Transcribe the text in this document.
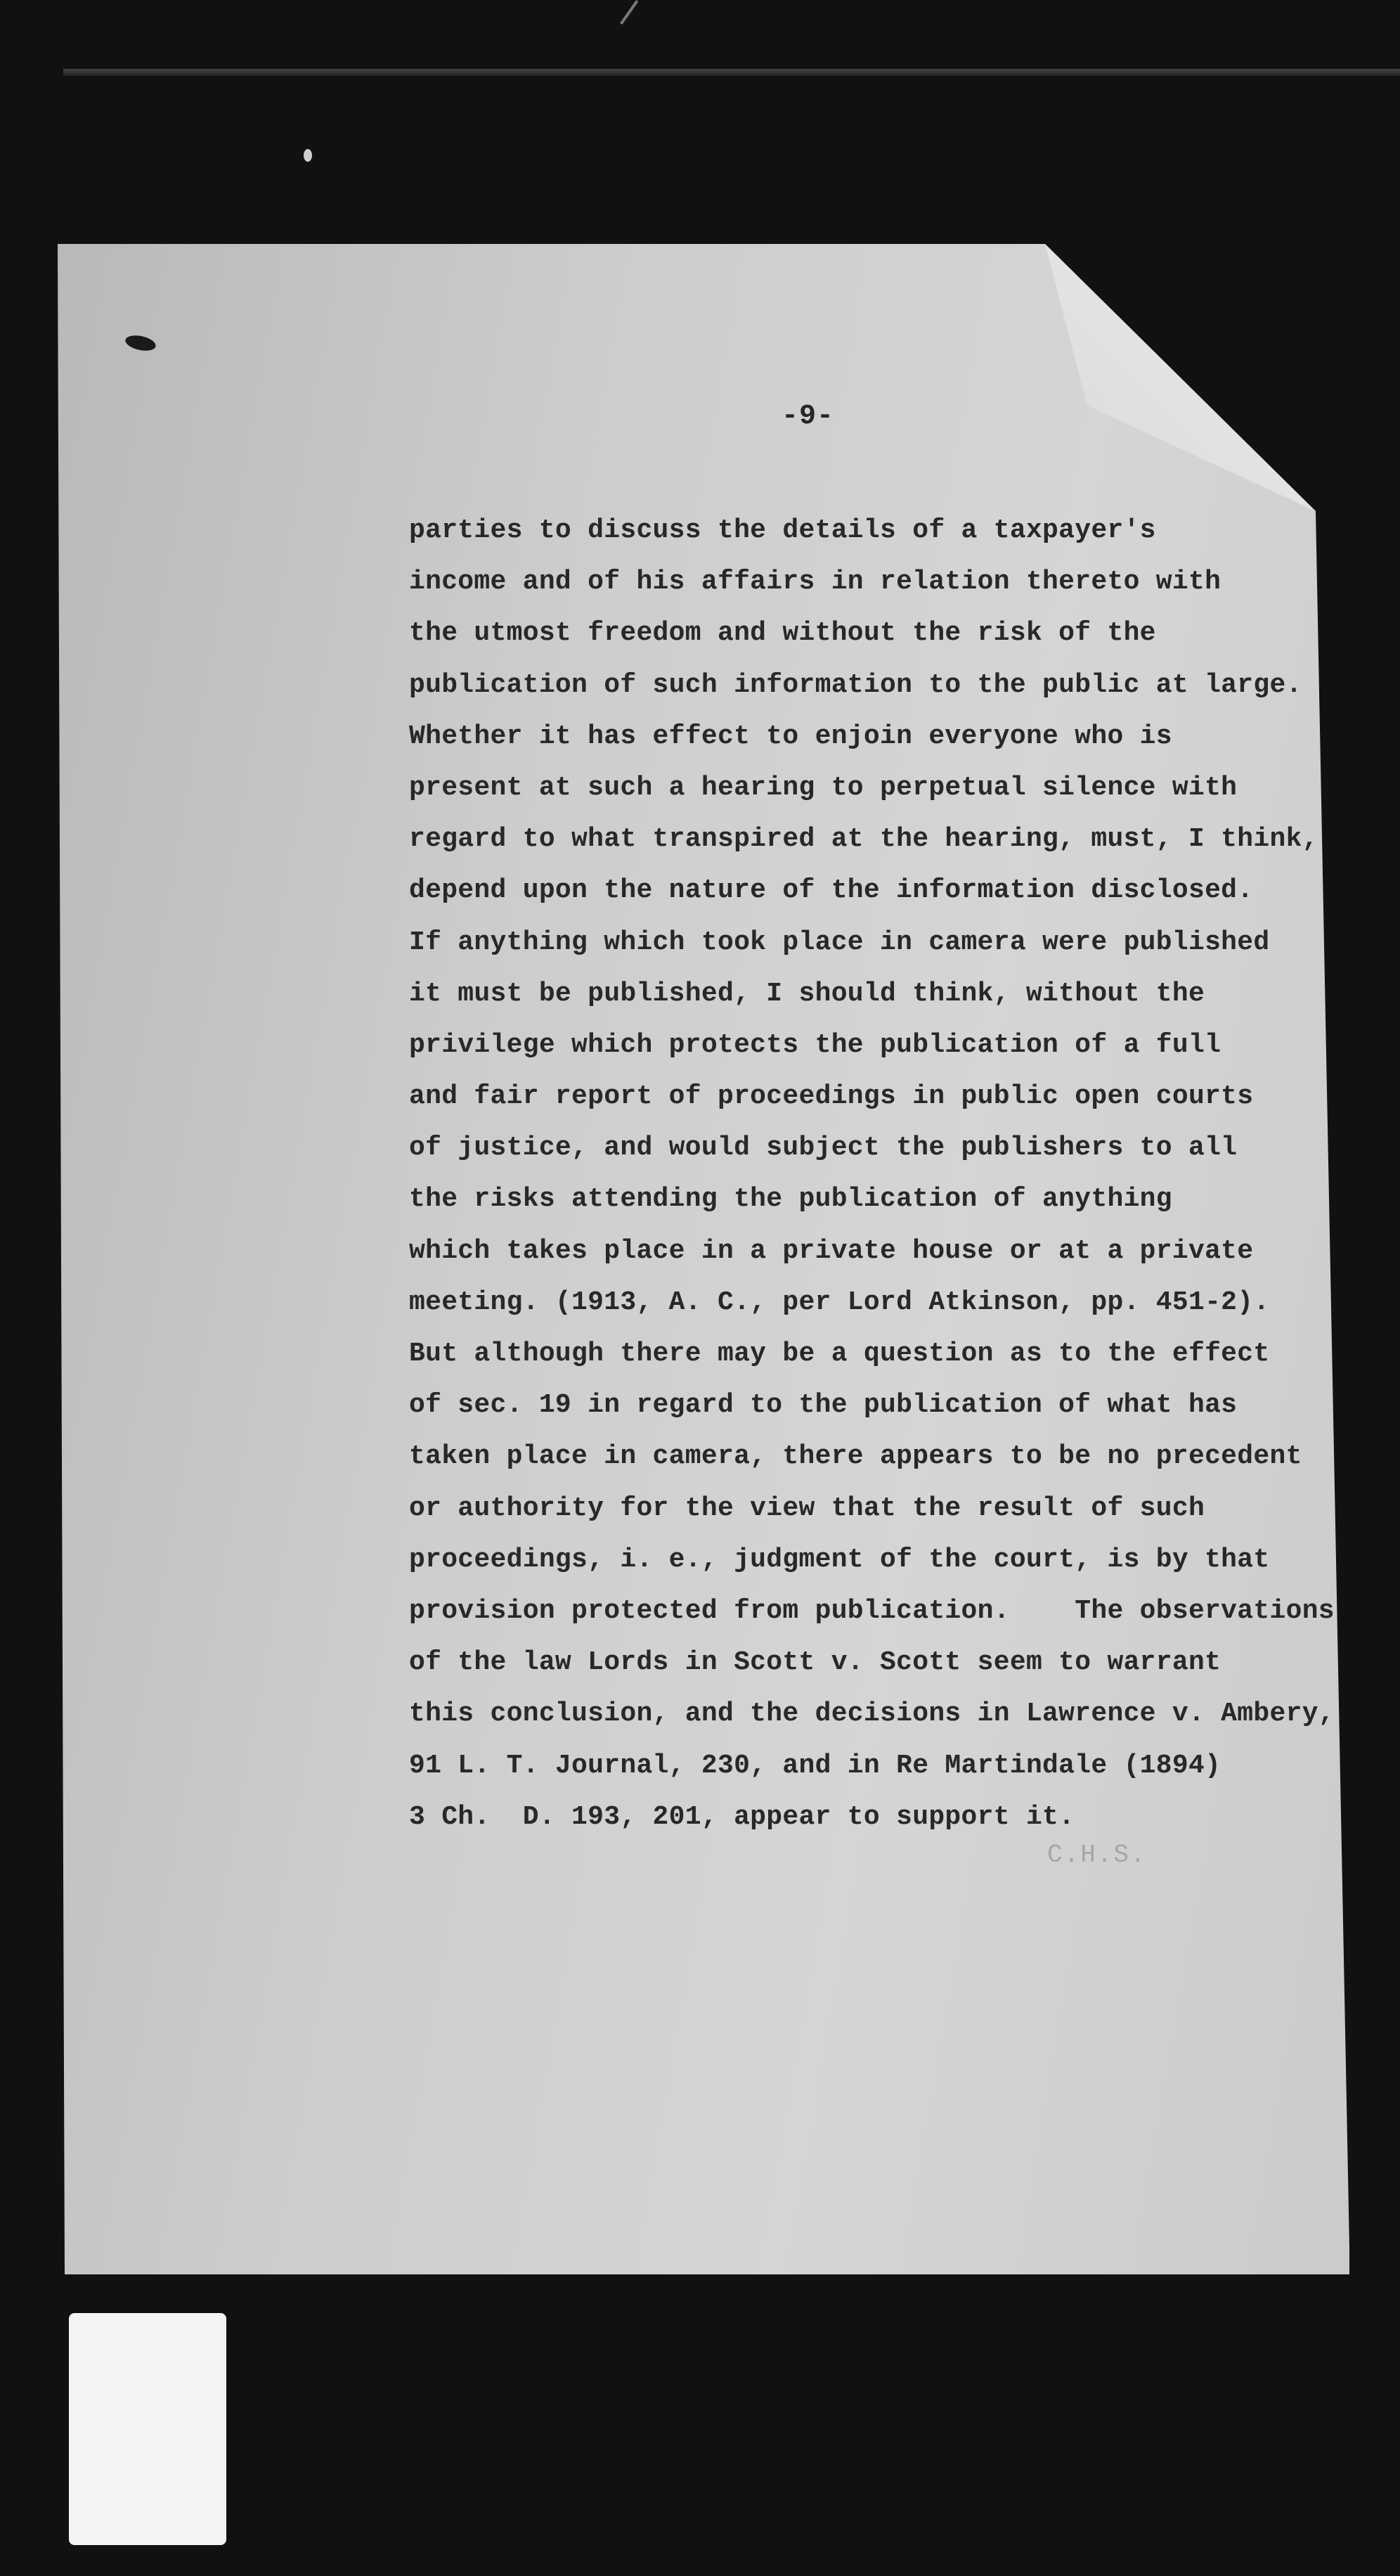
-9-

parties to discuss the details of a taxpayer's
income and of his affairs in relation thereto with
the utmost freedom and without the risk of the
publication of such information to the public at large.
Whether it has effect to enjoin everyone who is
present at such a hearing to perpetual silence with
regard to what transpired at the hearing, must, I think,
depend upon the nature of the information disclosed.
If anything which took place in camera were published
it must be published, I should think, without the
privilege which protects the publication of a full
and fair report of proceedings in public open courts
of justice, and would subject the publishers to all
the risks attending the publication of anything
which takes place in a private house or at a private
meeting. (1913, A. C., per Lord Atkinson, pp. 451-2).
But although there may be a question as to the effect
of sec. 19 in regard to the publication of what has
taken place in camera, there appears to be no precedent
or authority for the view that the result of such
proceedings, i. e., judgment of the court, is by that
provision protected from publication.    The observations
of the law Lords in Scott v. Scott seem to warrant
this conclusion, and the decisions in Lawrence v. Ambery,
91 L. T. Journal, 230, and in Re Martindale (1894)
3 Ch.  D. 193, 201, appear to support it.
C.H.S.
